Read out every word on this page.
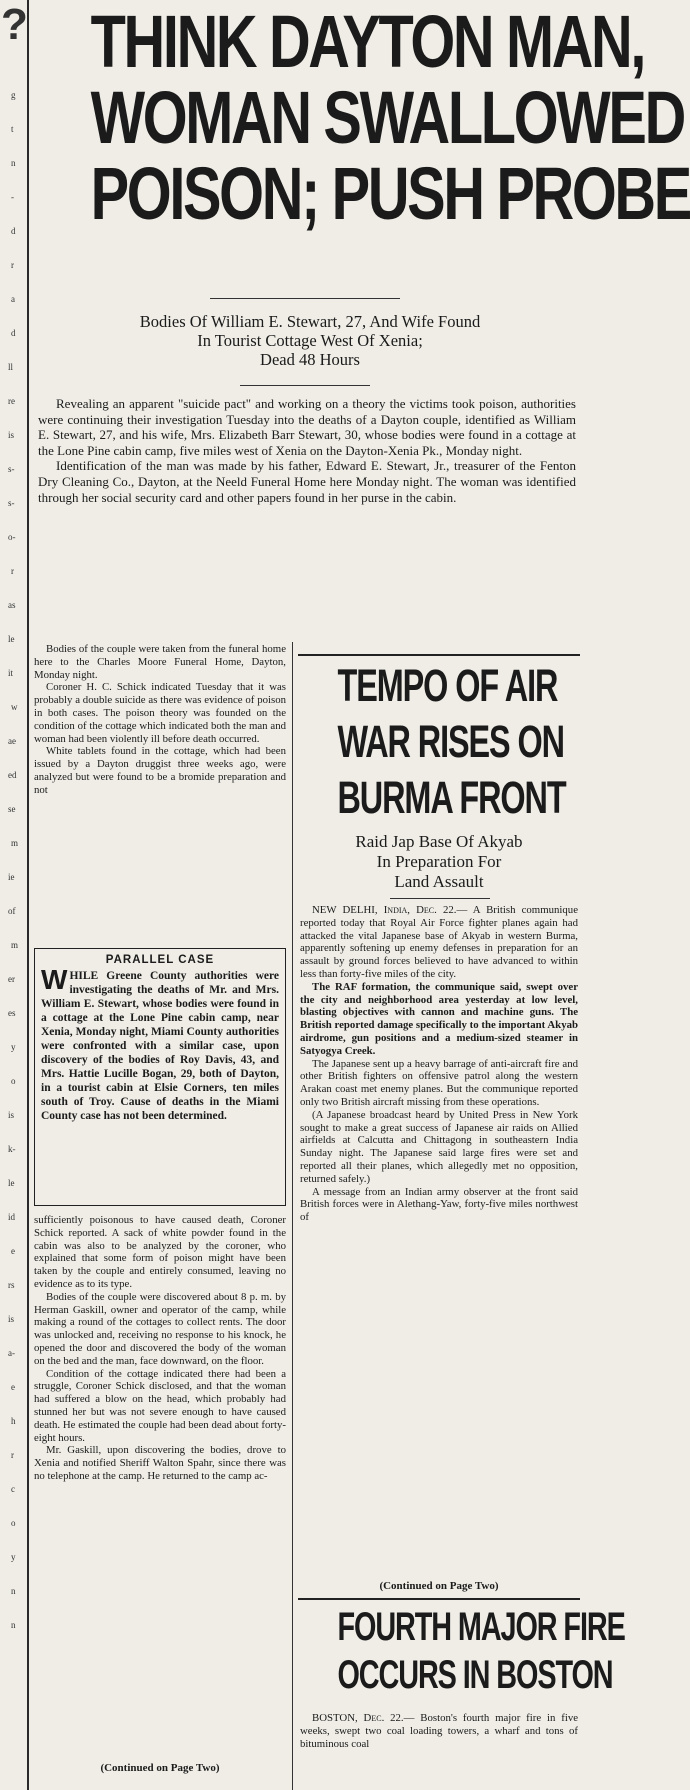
?
g
t
n
-
d
r
a
d
ll
re
is
s-
s-
o-
r
as
le
it
w
ae
ed
se
m
ie
of
m
er
es
y
o
is
k-
le
id
e
rs
is
a-
e
h
r
c
o
y
n
n
THINK DAYTON MAN,
WOMAN SWALLOWED
POISON; PUSH PROBE
Bodies Of William E. Stewart, 27, And Wife Found
In Tourist Cottage West Of Xenia;
Dead 48 Hours

Revealing an apparent "suicide pact" and working on a theory the victims took poison, authorities were continuing their investigation Tuesday into the deaths of a Dayton couple, identified as William E. Stewart, 27, and his wife, Mrs. Elizabeth Barr Stewart, 30, whose bodies were found in a cottage at the Lone Pine cabin camp, five miles west of Xenia on the Dayton-Xenia Pk., Monday night.

Identification of the man was made by his father, Edward E. Stewart, Jr., treasurer of the Fenton Dry Cleaning Co., Dayton, at the Neeld Funeral Home here Monday night. The woman was identified through her social security card and other papers found in her purse in the cabin.

Bodies of the couple were taken from the funeral home here to the Charles Moore Funeral Home, Dayton, Monday night.

Coroner H. C. Schick indicated Tuesday that it was probably a double suicide as there was evidence of poison in both cases. The poison theory was founded on the condition of the cottage which indicated both the man and woman had been violently ill before death occurred.

White tablets found in the cottage, which had been issued by a Dayton druggist three weeks ago, were analyzed but were found to be a bromide preparation and not

PARALLEL CASE
W HILE Greene County authorities were investigating the deaths of Mr. and Mrs. William E. Stewart, whose bodies were found in a cottage at the Lone Pine cabin camp, near Xenia, Monday night, Miami County authorities were confronted with a similar case, upon discovery of the bodies of Roy Davis, 43, and Mrs. Hattie Lucille Bogan, 29, both of Dayton, in a tourist cabin at Elsie Corners, ten miles south of Troy. Cause of deaths in the Miami County case has not been determined.

sufficiently poisonous to have caused death, Coroner Schick reported. A sack of white powder found in the cabin was also to be analyzed by the coroner, who explained that some form of poison might have been taken by the couple and entirely consumed, leaving no evidence as to its type.

Bodies of the couple were discovered about 8 p. m. by Herman Gaskill, owner and operator of the camp, while making a round of the cottages to collect rents. The door was unlocked and, receiving no response to his knock, he opened the door and discovered the body of the woman on the bed and the man, face downward, on the floor.

Condition of the cottage indicated there had been a struggle, Coroner Schick disclosed, and that the woman had suffered a blow on the head, which probably had stunned her but was not severe enough to have caused death. He estimated the couple had been dead about forty-eight hours.

Mr. Gaskill, upon discovering the bodies, drove to Xenia and notified Sheriff Walton Spahr, since there was no telephone at the camp. He returned to the camp ac-

(Continued on Page Two)
TEMPO OF AIR
WAR RISES ON
BURMA FRONT
Raid Jap Base Of Akyab
In Preparation For
Land Assault

NEW DELHI, India, Dec. 22.— A British communique reported today that Royal Air Force fighter planes again had attacked the vital Japanese base of Akyab in western Burma, apparently softening up enemy defenses in preparation for an assault by ground forces believed to have advanced to within less than forty-five miles of the city.

The RAF formation, the communique said, swept over the city and neighborhood area yesterday at low level, blasting objectives with cannon and machine guns. The British reported damage specifically to the important Akyab airdrome, gun positions and a medium-sized steamer in Satyogya Creek.

The Japanese sent up a heavy barrage of anti-aircraft fire and other British fighters on offensive patrol along the western Arakan coast met enemy planes. But the communique reported only two British aircraft missing from these operations.

(A Japanese broadcast heard by United Press in New York sought to make a great success of Japanese air raids on Allied airfields at Calcutta and Chittagong in southeastern India Sunday night. The Japanese said large fires were set and reported all their planes, which allegedly met no opposition, returned safely.)

A message from an Indian army observer at the front said British forces were in Alethang-Yaw, forty-five miles northwest of

(Continued on Page Two)
FOURTH MAJOR FIRE
OCCURS IN BOSTON

BOSTON, Dec. 22.— Boston's fourth major fire in five weeks, swept two coal loading towers, a wharf and tons of bituminous coal
